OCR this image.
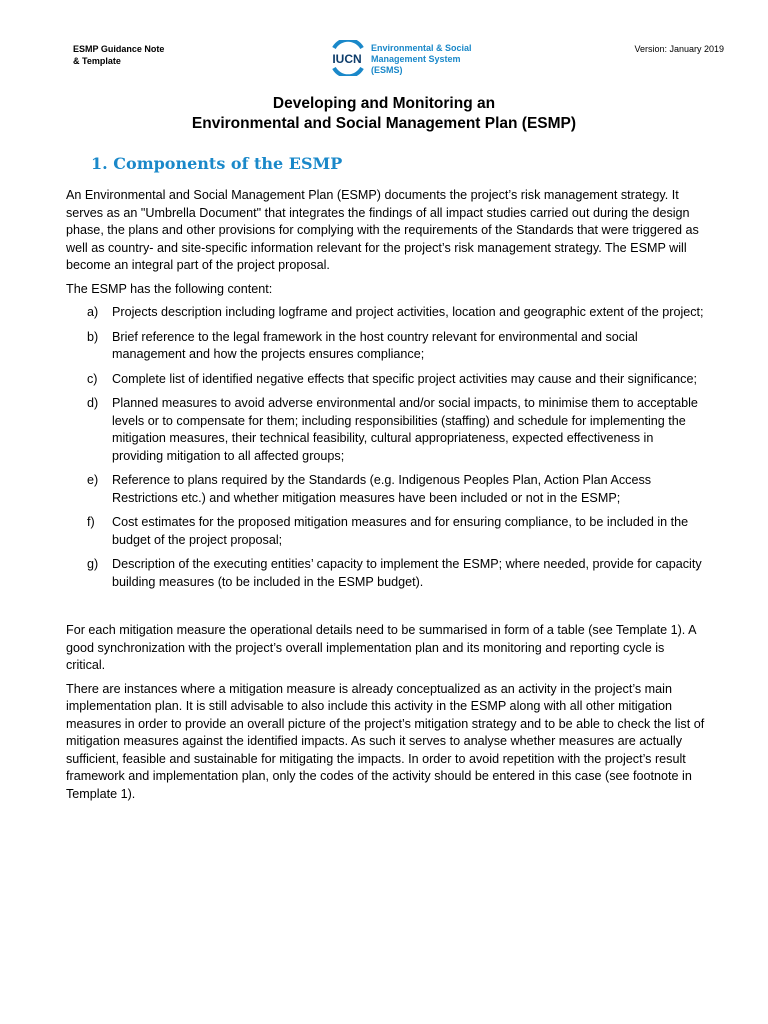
ESMP Guidance Note
& Template	IUCN
Environmental & Social
Management System
(ESMS)
Version: January 2019
Developing and Monitoring an
Environmental and Social Management Plan (ESMP)
1. Components of the ESMP

An Environmental and Social Management Plan (ESMP) documents the project’s risk management strategy. It serves as an "Umbrella Document" that integrates the findings of all impact studies carried out during the design phase, the plans and other provisions for complying with the requirements of the Standards that were triggered as well as country- and site-specific information relevant for the project’s risk management strategy. The ESMP will become an integral part of the project proposal.

The ESMP has the following content:

a) Projects description including logframe and project activities, location and geographic extent of the project;
b) Brief reference to the legal framework in the host country relevant for environmental and social management and how the projects ensures compliance;
c) Complete list of identified negative effects that specific project activities may cause and their significance;
d) Planned measures to avoid adverse environmental and/or social impacts, to minimise them to acceptable levels or to compensate for them; including responsibilities (staffing) and schedule for implementing the mitigation measures, their technical feasibility, cultural appropriateness, expected effectiveness in providing mitigation to all affected groups;
e) Reference to plans required by the Standards (e.g. Indigenous Peoples Plan, Action Plan Access Restrictions etc.) and whether mitigation measures have been included or not in the ESMP;
f) Cost estimates for the proposed mitigation measures and for ensuring compliance, to be included in the budget of the project proposal;
g) Description of the executing entities’ capacity to implement the ESMP; where needed, provide for capacity building measures (to be included in the ESMP budget).

For each mitigation measure the operational details need to be summarised in form of a table (see Template 1). A good synchronization with the project’s overall implementation plan and its monitoring and reporting cycle is critical.

There are instances where a mitigation measure is already conceptualized as an activity in the project’s main implementation plan. It is still advisable to also include this activity in the ESMP along with all other mitigation measures in order to provide an overall picture of the project’s mitigation strategy and to be able to check the list of mitigation measures against the identified impacts. As such it serves to analyse whether measures are actually sufficient, feasible and sustainable for mitigating the impacts. In order to avoid repetition with the project’s result framework and implementation plan, only the codes of the activity should be entered in this case (see footnote in Template 1).
